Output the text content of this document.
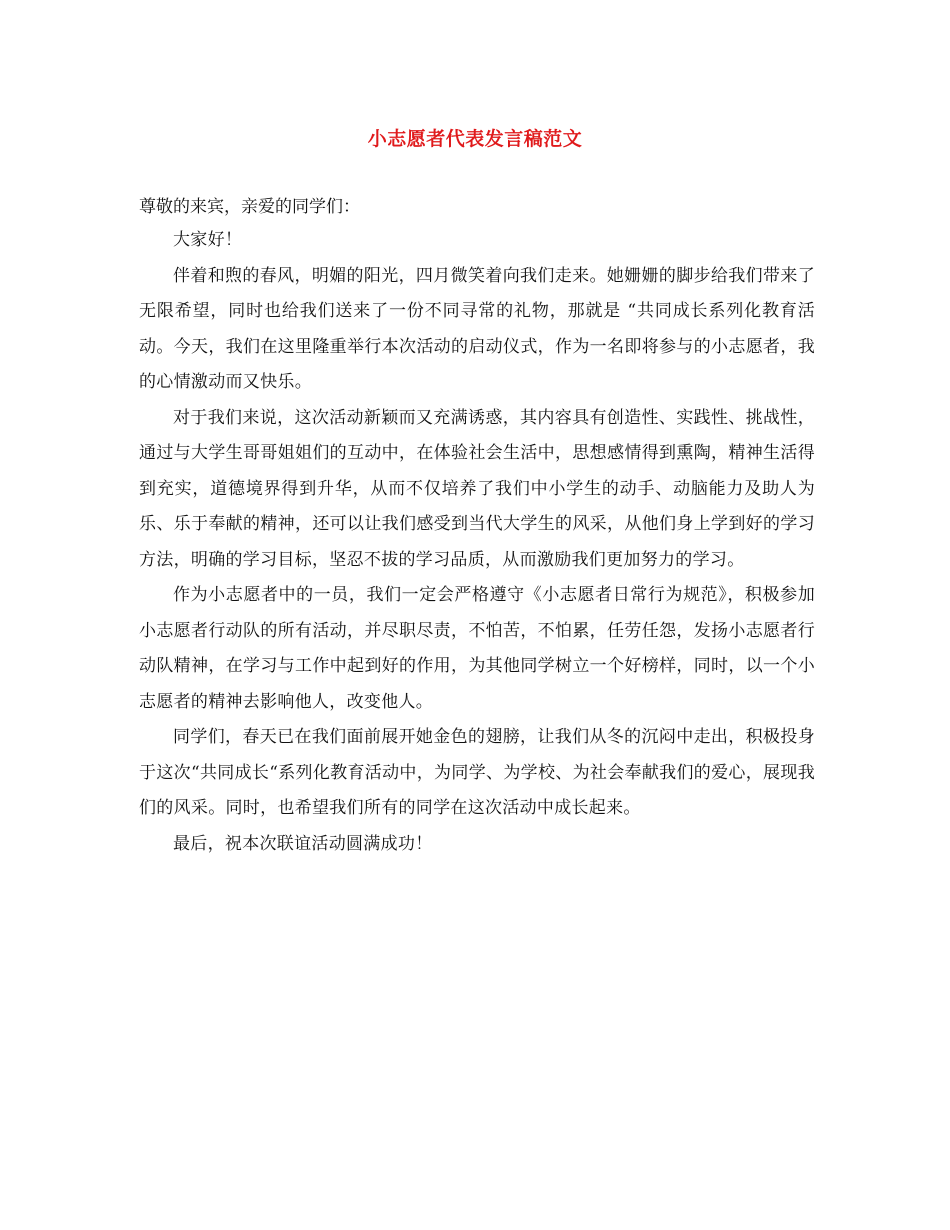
小志愿者代表发言稿范文

尊敬的来宾，亲爱的同学们：

大家好！

伴着和煦的春风，明媚的阳光，四月微笑着向我们走来。她姗姗的脚步给我们带来了无限希望，同时也给我们送来了一份不同寻常的礼物，那就是 “共同成长系列化教育活动。今天，我们在这里隆重举行本次活动的启动仪式，作为一名即将参与的小志愿者，我的心情激动而又快乐。

对于我们来说，这次活动新颖而又充满诱惑，其内容具有创造性、实践性、挑战性，通过与大学生哥哥姐姐们的互动中，在体验社会生活中，思想感情得到熏陶，精神生活得到充实，道德境界得到升华，从而不仅培养了我们中小学生的动手、动脑能力及助人为乐、乐于奉献的精神，还可以让我们感受到当代大学生的风采，从他们身上学到好的学习方法，明确的学习目标，坚忍不拔的学习品质，从而激励我们更加努力的学习。

作为小志愿者中的一员，我们一定会严格遵守《小志愿者日常行为规范》，积极参加小志愿者行动队的所有活动，并尽职尽责，不怕苦，不怕累，任劳任怨，发扬小志愿者行动队精神，在学习与工作中起到好的作用，为其他同学树立一个好榜样，同时，以一个小志愿者的精神去影响他人，改变他人。

同学们，春天已在我们面前展开她金色的翅膀，让我们从冬的沉闷中走出，积极投身于这次“共同成长“系列化教育活动中，为同学、为学校、为社会奉献我们的爱心，展现我们的风采。同时，也希望我们所有的同学在这次活动中成长起来。

最后，祝本次联谊活动圆满成功！
